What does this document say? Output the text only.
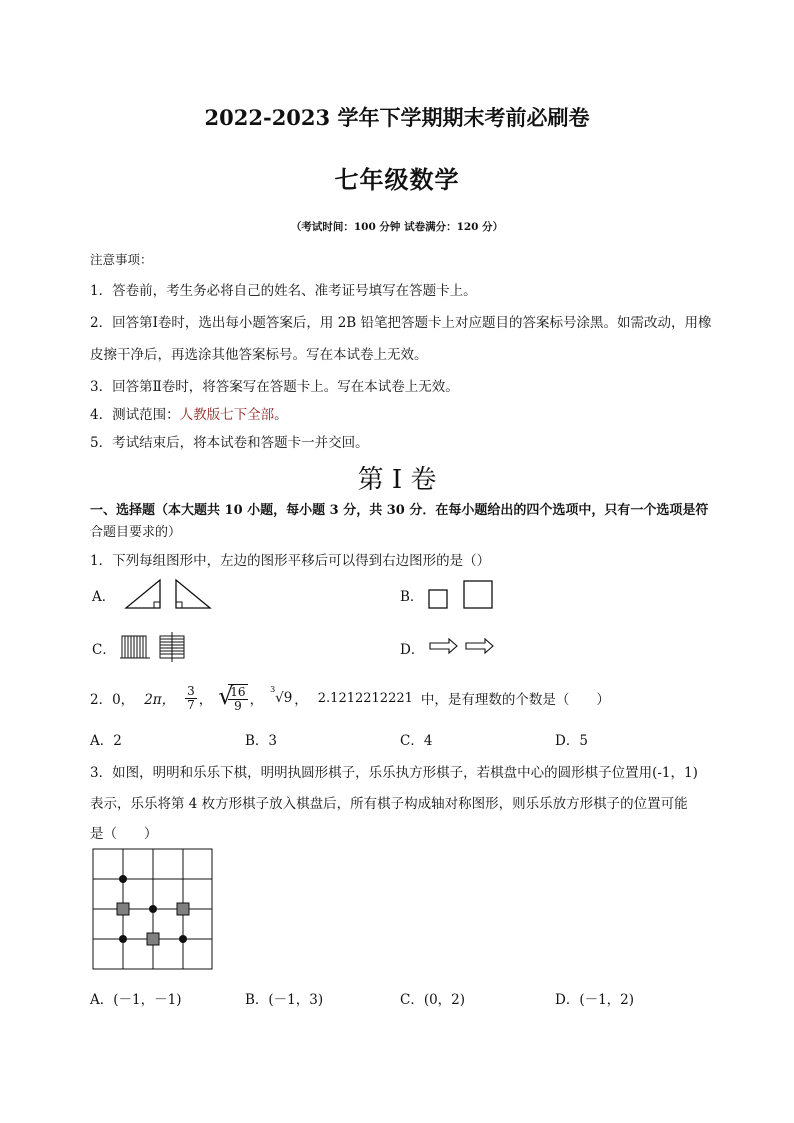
2022-2023 学年下学期期末考前必刷卷
七年级数学
（考试时间：100 分钟 试卷满分：120 分）
注意事项：
1．答卷前，考生务必将自己的姓名、准考证号填写在答题卡上。
2．回答第Ⅰ卷时，选出每小题答案后，用 2B 铅笔把答题卡上对应题目的答案标号涂黑。如需改动，用橡
皮擦干净后，再选涂其他答案标号。写在本试卷上无效。
3．回答第Ⅱ卷时，将答案写在答题卡上。写在本试卷上无效。
4．测试范围：人教版七下全部。
5．考试结束后，将本试卷和答题卡一并交回。
第 I 卷
一、选择题（本大题共 10 小题，每小题 3 分，共 30 分．在每小题给出的四个选项中，只有一个选项是符
合题目要求的）
1．下列每组图形中，左边的图形平移后可以得到右边图形的是（）
A．	B．
C．	D．
2． 0， 2π， $\frac{3}{7}$ ， √
$\frac{16}{9}$ ，
3
√9 ， 2.1212212221 中，是有理数的个数是（　　）
A．2	B．3	C．4	D．5
3．如图，明明和乐乐下棋，明明执圆形棋子，乐乐执方形棋子，若棋盘中心的圆形棋子位置用(-1，1)
表示，乐乐将第 4 枚方形棋子放入棋盘后，所有棋子构成轴对称图形，则乐乐放方形棋子的位置可能
是（　　）
A．(－1，－1)	B．(－1，3)	C．(0，2)	D．(－1，2)
